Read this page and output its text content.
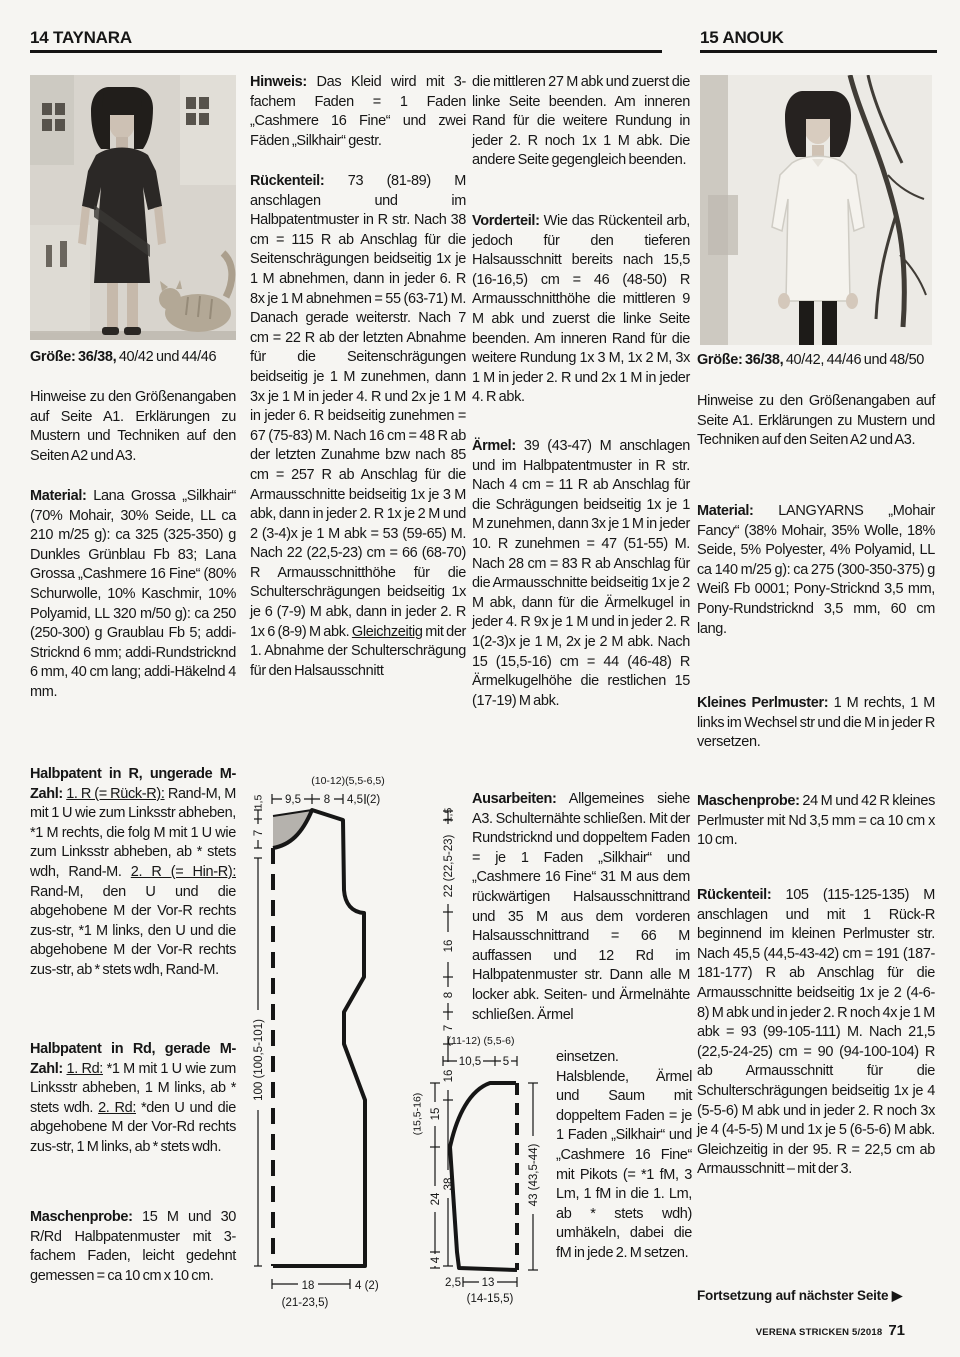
14 TAYNARA	15 ANOUK

Größe: 36/38, 40/42 und 44/46

Hinweise zu den Größenangaben auf Seite A1. Erklärungen zu Mustern und Techniken auf den Seiten A2 und A3.

Material: Lana Grossa „Silkhair“ (70% Mohair, 30% Seide, LL ca 210 m/25 g): ca 325 (325-350) g Dunkles Grünblau Fb 83; Lana Grossa „Cashmere 16 Fine“ (80% Schurwolle, 10% Kaschmir, 10% Polyamid, LL 320 m/50 g): ca 250 (250-300) g Graublau Fb 5; addi-Stricknd 6 mm; addi-Rundstricknd 6 mm, 40 cm lang; addi-Häkelnd 4 mm.

Halbpatent in R, ungerade M-Zahl: 1. R (= Rück-R): Rand-M, M mit 1 U wie zum Linksstr abheben, *1 M rechts, die folg M mit 1 U wie zum Linksstr abheben, ab * stets wdh, Rand-M. 2. R (= Hin-R): Rand-M, den U und die abgehobene M der Vor-R rechts zus-str, *1 M links, den U und die abgehobene M der Vor-R rechts zus-str, ab * stets wdh, Rand-M.

Halbpatent in Rd, gerade M-Zahl: 1. Rd: *1 M mit 1 U wie zum Linksstr abheben, 1 M links, ab * stets wdh. 2. Rd: *den U und die abgehobene M der Vor-Rd rechts zus-str, 1 M links, ab * stets wdh.

Maschenprobe: 15 M und 30 R/Rd Halbpatenmuster mit 3-fachem Faden, leicht gedehnt gemessen = ca 10 cm x 10 cm.

Hinweis: Das Kleid wird mit 3-fachem Faden = 1 Faden „Cashmere 16 Fine“ und zwei Fäden „Silkhair“ gestr.

Rückenteil: 73 (81-89) M anschlagen und im Halbpatentmuster in R str. Nach 38 cm = 115 R ab Anschlag für die Seitenschrägungen beidseitig 1x je 1 M abnehmen, dann in jeder 6. R 8x je 1 M abnehmen = 55 (63-71) M. Danach gerade weiterstr. Nach 7 cm = 22 R ab der letzten Abnahme für die Seitenschrägungen beidseitig je 1 M zunehmen, dann 3x je 1 M in jeder 4. R und 2x je 1 M in jeder 6. R beidseitig zunehmen = 67 (75-83) M. Nach 16 cm = 48 R ab der letzten Zunahme bzw nach 85 cm = 257 R ab Anschlag für die Armausschnitte beidseitig 1x je 3 M abk, dann in jeder 2. R 1x je 2 M und 2 (3-4)x je 1 M abk = 53 (59-65) M. Nach 22 (22,5-23) cm = 66 (68-70) R Armausschnitthöhe für die Schulterschrägungen beidseitig 1x je 6 (7-9) M abk, dann in jeder 2. R 1x 6 (8-9) M abk. Gleichzeitig mit der 1. Abnahme der Schulterschrägung für den Halsausschnitt

die mittleren 27 M abk und zuerst die linke Seite beenden. Am inneren Rand für die weitere Rundung in jeder 2. R noch 1x 1 M abk. Die andere Seite gegengleich beenden.

Vorderteil: Wie das Rückenteil arb, jedoch für den tieferen Halsausschnitt bereits nach 15,5 (16-16,5) cm = 46 (48-50) R Armausschnitthöhe die mittleren 9 M abk und zuerst die linke Seite beenden. Am inneren Rand für die weitere Rundung 1x 3 M, 1x 2 M, 3x 1 M in jeder 2. R und 2x 1 M in jeder 4. R abk.

Ärmel: 39 (43-47) M anschlagen und im Halbpatentmuster in R str. Nach 4 cm = 11 R ab Anschlag für die Schrägungen beidseitig 1x je 1 M zunehmen, dann 3x je 1 M in jeder 10. R zunehmen = 47 (51-55) M. Nach 28 cm = 83 R ab Anschlag für die Armausschnitte beidseitig 1x je 2 M abk, dann für die Ärmelkugel in jeder 4. R 9x je 1 M und in jeder 2. R 1(2-3)x je 1 M, 2x je 2 M abk. Nach 15 (15,5-16) cm = 44 (46-48) R Ärmelkugelhöhe die restlichen 15 (17-19) M abk.

Ausarbeiten: Allgemeines siehe A3. Schulternähte schließen. Mit der Rundstricknd und doppeltem Faden = je 1 Faden „Silkhair“ und „Cashmere 16 Fine“ 31 M aus dem rückwärtigen Halsausschnittrand und 35 M aus dem vorderen Halsausschnittrand = 66 M auffassen und 12 Rd im Halbpatenmuster str. Dann alle M locker abk. Seiten- und Ärmelnähte schließen. Ärmel

einsetzen. Halsblende, Ärmel und Saum mit doppeltem Faden = je 1 Faden „Silkhair“ und „Cashmere 16 Fine“ mit Pikots (= *1 fM, 3 Lm, 1 fM in die 1. Lm, ab * stets wdh) umhäkeln, dabei die fM in jede 2. M setzen.

(10-12)(5,5-6,5)
9,5 8 4,5 (2)
7
1,5
100 (100,5-101)
1,5
22 (22,5-23)
16
8
7
16
38
18	4 (2)
(21-23,5)
(11-12) (5,5-6)
10,5 5
15
(15,5-16)
24
4
43 (43,5-44)
2,5 13
(14-15,5)

Größe: 36/38, 40/42, 44/46 und 48/50

Hinweise zu den Größenangaben auf Seite A1. Erklärungen zu Mustern und Techniken auf den Seiten A2 und A3.

Material: LANGYARNS „Mohair Fancy“ (38% Mohair, 35% Wolle, 18% Seide, 5% Polyester, 4% Polyamid, LL ca 140 m/25 g): ca 275 (300-350-375) g Weiß Fb 0001; Pony-Stricknd 3,5 mm, Pony-Rundstricknd 3,5 mm, 60 cm lang.

Kleines Perlmuster: 1 M rechts, 1 M links im Wechsel str und die M in jeder R versetzen.

Maschenprobe: 24 M und 42 R kleines Perlmuster mit Nd 3,5 mm = ca 10 cm x 10 cm.

Rückenteil: 105 (115-125-135) M anschlagen und mit 1 Rück-R beginnend im kleinen Perlmuster str. Nach 45,5 (44,5-43-42) cm = 191 (187-181-177) R ab Anschlag für die Armausschnitte beidseitig 1x je 2 (4-6-8) M abk und in jeder 2. R noch 4x je 1 M abk = 93 (99-105-111) M. Nach 21,5 (22,5-24-25) cm = 90 (94-100-104) R ab Armausschnitt für die Schulterschrägungen beidseitig 1x je 4 (5-5-6) M abk und in jeder 2. R noch 3x je 4 (4-5-5) M und 1x je 5 (6-5-6) M abk. Gleichzeitig in der 95. R = 22,5 cm ab Armausschnitt – mit der 3.

Fortsetzung auf nächster Seite ▶
VERENA STRICKEN 5/2018 71
